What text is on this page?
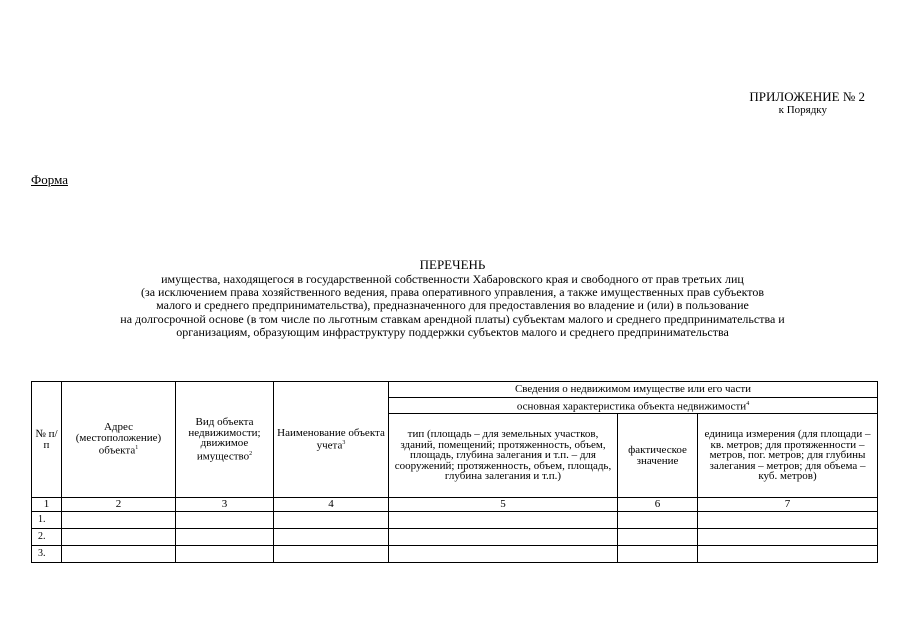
ПРИЛОЖЕНИЕ № 2
к Порядку
Форма
ПЕРЕЧЕНЬ
имущества, находящегося в государственной собственности Хабаровского края и свободного от прав третьих лиц
(за исключением права хозяйственного ведения, права оперативного управления, а также имущественных прав субъектов
малого и среднего предпринимательства), предназначенного для предоставления во владение и (или) в пользование
на долгосрочной основе (в том числе по льготным ставкам арендной платы) субъектам малого и среднего предпринимательства и
организациям, образующим инфраструктуру поддержки субъектов малого и среднего предпринимательства
№ п/п	Адрес (местоположение) объекта$^1$	Вид объекта недвижимости; движимое имущество$^2$	Наименование объекта учета$^3$	Сведения о недвижимом имуществе или его части		
				основная характеристика объекта недвижимости$^4$
				тип (площадь – для земельных участков, зданий, помещений; протяженность, объем, площадь, глубина залегания и т.п. – для сооружений; протяженность, объем, площадь, глубина залегания и т.п.)	фактическое значение	единица измерения (для площади – кв. метров; для протяженности – метров, пог. метров; для глубины залегания – метров; для объема – куб. метров)
1	2	3	4	5	6	7
1.						
2.						
3.						
